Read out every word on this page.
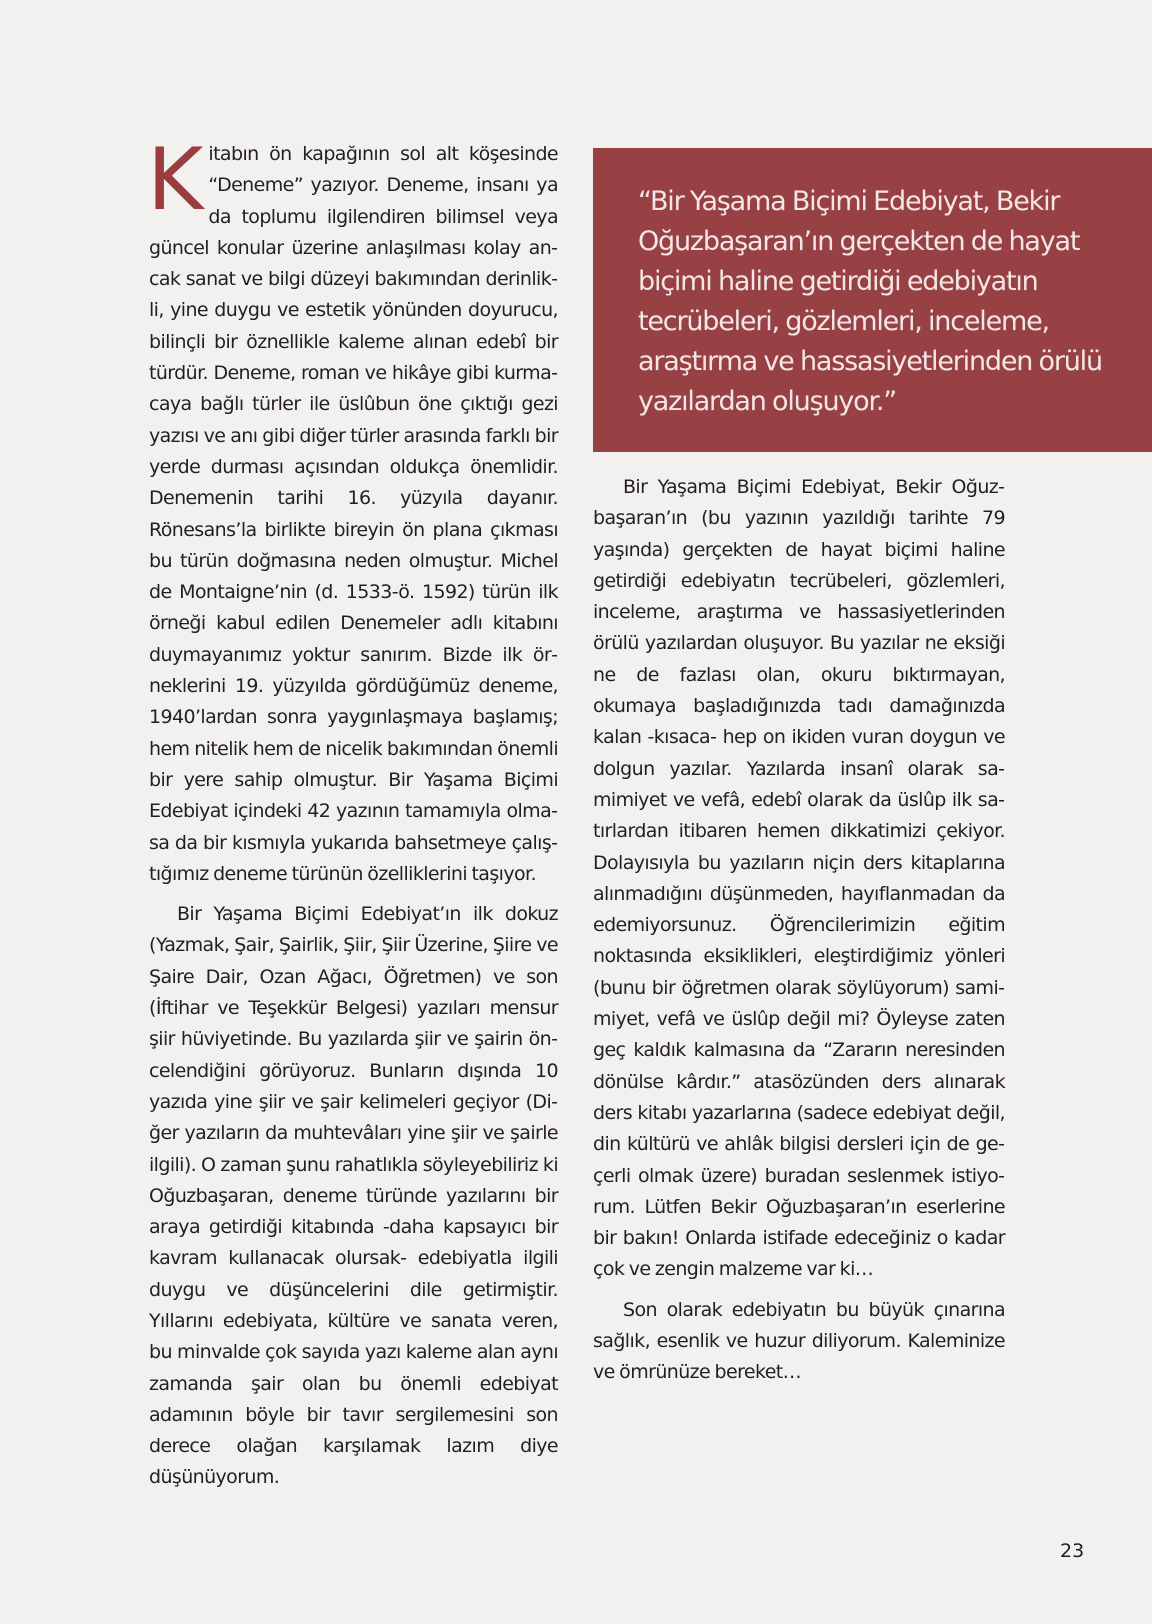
Kitabın ön kapağının sol alt köşesinde “Deneme” yazıyor. Deneme, insanı ya da toplumu ilgilendiren bilimsel veya güncel konular üzerine anlaşılması kolay ancak sanat ve bilgi düzeyi bakımından derinlikli, yine duygu ve estetik yönünden doyurucu, bilinçli bir öznellikle kaleme alınan edebî bir türdür. Deneme, roman ve hikâye gibi kurmacaya bağlı türler ile üslûbun öne çıktığı gezi yazısı ve anı gibi diğer türler arasında farklı bir yerde durması açısından oldukça önemlidir. Denemenin tarihi 16. yüzyıla dayanır. Rönesans’la birlikte bireyin ön plana çıkması bu türün doğmasına neden olmuştur. Michel de Montaigne’nin (d. 1533-ö. 1592) türün ilk örneği kabul edilen Denemeler adlı kitabını duymayanımız yoktur sanırım. Bizde ilk örneklerini 19. yüzyılda gördüğümüz deneme, 1940’lardan sonra yaygınlaşmaya başlamış; hem nitelik hem de nicelik bakımından önemli bir yere sahip olmuştur. Bir Yaşama Biçimi Edebiyat içindeki 42 yazının tamamıyla olmasa da bir kısmıyla yukarıda bahsetmeye çalıştığımız deneme türünün özelliklerini taşıyor.

Bir Yaşama Biçimi Edebiyat’ın ilk dokuz (Yazmak, Şair, Şairlik, Şiir, Şiir Üzerine, Şiire ve Şaire Dair, Ozan Ağacı, Öğretmen) ve son (İftihar ve Teşekkür Belgesi) yazıları mensur şiir hüviyetinde. Bu yazılarda şiir ve şairin öncelendiğini görüyoruz. Bunların dışında 10 yazıda yine şiir ve şair kelimeleri geçiyor (Diğer yazıların da muhtevâları yine şiir ve şairle ilgili). O zaman şunu rahatlıkla söyleyebiliriz ki Oğuzbaşaran, deneme türünde yazılarını bir araya getirdiği kitabında -daha kapsayıcı bir kavram kullanacak olursak- edebiyatla ilgili duygu ve düşüncelerini dile getirmiştir. Yıllarını edebiyata, kültüre ve sanata veren, bu minvalde çok sayıda yazı kaleme alan aynı zamanda şair olan bu önemli edebiyat adamının böyle bir tavır sergilemesini son derece olağan karşılamak lazım diye düşünüyorum.

“Bir Yaşama Biçimi Edebiyat, Bekir Oğuzbaşaran’ın gerçekten de hayat biçimi haline getirdiği edebiyatın tecrübeleri, gözlemleri, inceleme, araştırma ve hassasiyetlerinden örülü yazılardan oluşuyor.”

Bir Yaşama Biçimi Edebiyat, Bekir Oğuzbaşaran’ın (bu yazının yazıldığı tarihte 79 yaşında) gerçekten de hayat biçimi haline getirdiği edebiyatın tecrübeleri, gözlemleri, inceleme, araştırma ve hassasiyetlerinden örülü yazılardan oluşuyor. Bu yazılar ne eksiği ne de fazlası olan, okuru bıktırmayan, okumaya başladığınızda tadı damağınızda kalan -kısaca- hep on ikiden vuran doygun ve dolgun yazılar. Yazılarda insanî olarak samimiyet ve vefâ, edebî olarak da üslûp ilk satırlardan itibaren hemen dikkatimizi çekiyor. Dolayısıyla bu yazıların niçin ders kitaplarına alınmadığını düşünmeden, hayıflanmadan da edemiyorsunuz. Öğrencilerimizin eğitim noktasında eksiklikleri, eleştirdiğimiz yönleri (bunu bir öğretmen olarak söylüyorum) samimiyet, vefâ ve üslûp değil mi? Öyleyse zaten geç kaldık kalmasına da “Zararın neresinden dönülse kârdır.” atasözünden ders alınarak ders kitabı yazarlarına (sadece edebiyat değil, din kültürü ve ahlâk bilgisi dersleri için de geçerli olmak üzere) buradan seslenmek istiyorum. Lütfen Bekir Oğuzbaşaran’ın eserlerine bir bakın! Onlarda istifade edeceğiniz o kadar çok ve zengin malzeme var ki…

Son olarak edebiyatın bu büyük çınarına sağlık, esenlik ve huzur diliyorum. Kaleminize ve ömrünüze bereket…

23
